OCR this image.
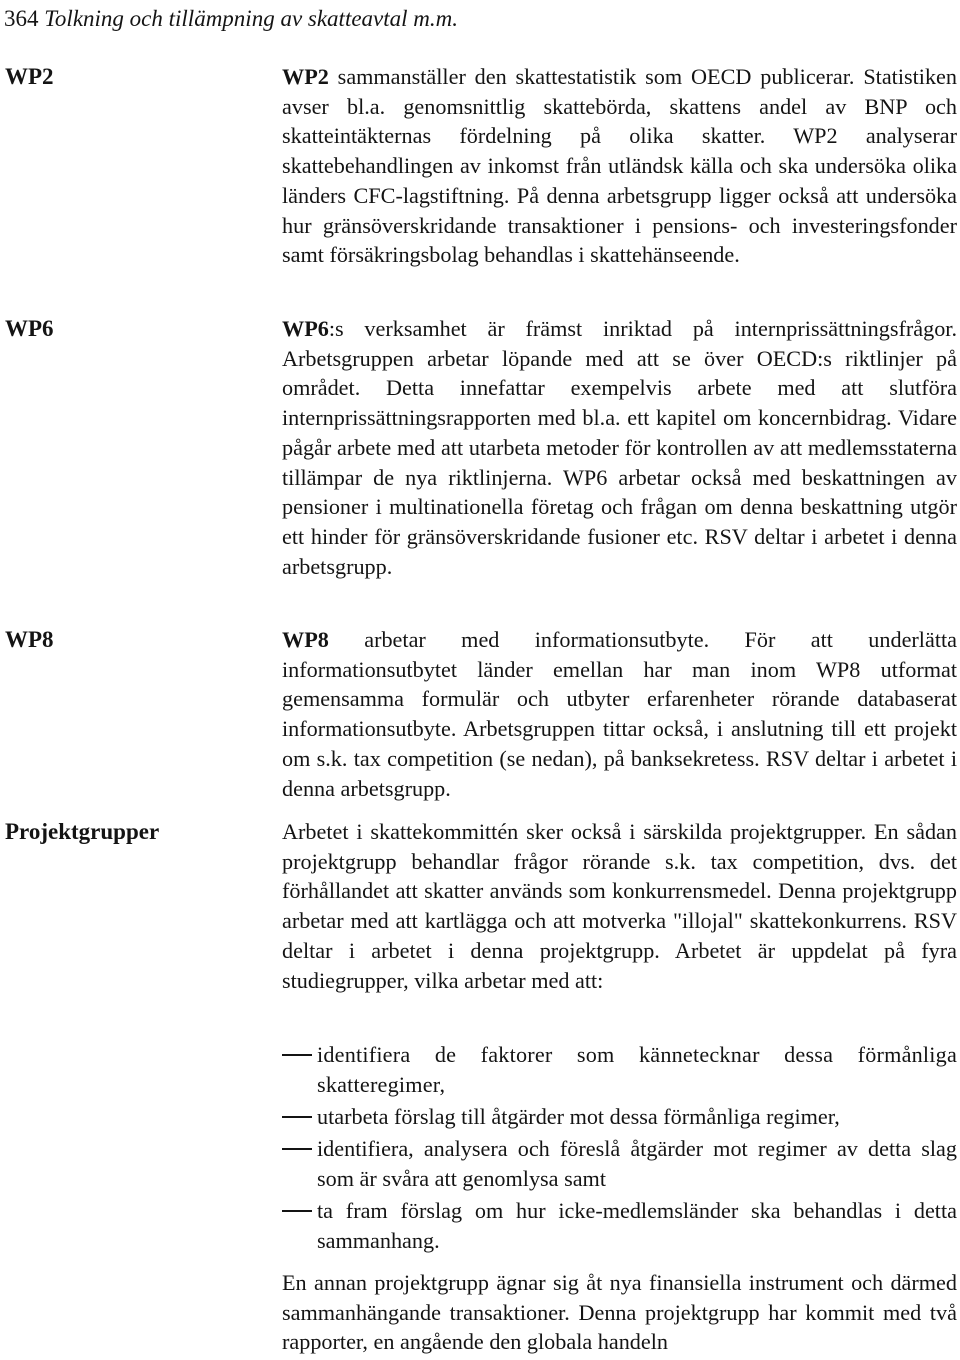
364 Tolkning och tillämpning av skatteavtal m.m.
WP2	WP2 sammanställer den skattestatistik som OECD publicerar. Statistiken avser bl.a. genomsnittlig skattebörda, skattens andel av BNP och skatteintäkternas fördelning på olika skatter. WP2 analyserar skattebehandlingen av inkomst från utländsk källa och ska undersöka olika länders CFC-lagstiftning. På denna arbetsgrupp ligger också att undersöka hur gränsöverskridande transaktioner i pensions- och investeringsfonder samt försäkringsbolag behandlas i skattehänseende.

WP6	WP6:s verksamhet är främst inriktad på internprissättningsfrågor. Arbetsgruppen arbetar löpande med att se över OECD:s riktlinjer på området. Detta innefattar exempelvis arbete med att slutföra internprissättningsrapporten med bl.a. ett kapitel om koncernbidrag. Vidare pågår arbete med att utarbeta metoder för kontrollen av att medlemsstaterna tillämpar de nya riktlinjerna. WP6 arbetar också med beskattningen av pensioner i multinationella företag och frågan om denna beskattning utgör ett hinder för gränsöverskridande fusioner etc. RSV deltar i arbetet i denna arbetsgrupp.

WP8	WP8 arbetar med informationsutbyte. För att underlätta informationsutbytet länder emellan har man inom WP8 utformat gemensamma formulär och utbyter erfarenheter rörande databaserat informationsutbyte. Arbetsgruppen tittar också, i anslutning till ett projekt om s.k. tax competition (se nedan), på banksekretess. RSV deltar i arbetet i denna arbetsgrupp.

Projektgrupper	Arbetet i skattekommittén sker också i särskilda projektgrupper. En sådan projektgrupp behandlar frågor rörande s.k. tax competition, dvs. det förhållandet att skatter används som konkurrensmedel. Denna projektgrupp arbetar med att kartlägga och att motverka "illojal" skattekonkurrens. RSV deltar i arbetet i denna projektgrupp. Arbetet är uppdelat på fyra studiegrupper, vilka arbetar med att:

identifiera de faktorer som kännetecknar dessa förmånliga skatteregimer,
utarbeta förslag till åtgärder mot dessa förmånliga regimer,
identifiera, analysera och föreslå åtgärder mot regimer av detta slag som är svåra att genomlysa samt
ta fram förslag om hur icke-medlemsländer ska behandlas i detta sammanhang.

En annan projektgrupp ägnar sig åt nya finansiella instrument och därmed sammanhängande transaktioner. Denna projektgrupp har kommit med två rapporter, en angående den globala handeln
